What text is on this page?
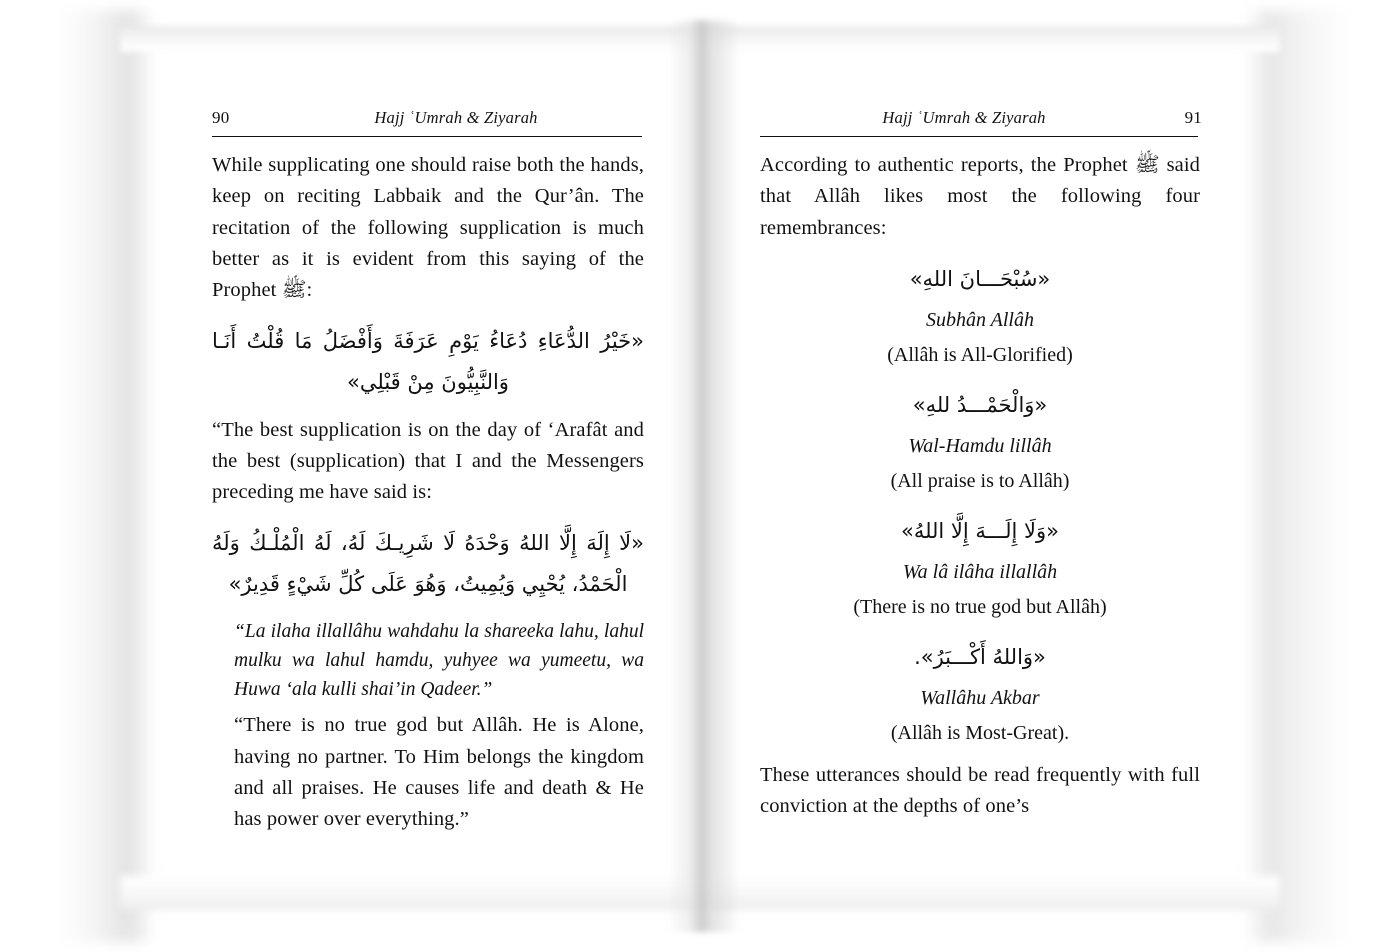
90	Hajj ʿUmrah & Ziyarah

While supplicating one should raise both the hands, keep on reciting Labbaik and the Qur’ân. The recitation of the following supplication is much better as it is evident from this saying of the Prophet ﷺ:

«خَيْرُ الدُّعَاءِ دُعَاءُ يَوْمِ عَرَفَةَ وَأَفْضَلُ مَا قُلْتُ أَنَـا وَالنَّبِيُّونَ مِنْ قَبْلِي»

“The best supplication is on the day of ‘Arafât and the best (supplication) that I and the Messengers preceding me have said is:

«لَا إِلَهَ إِلَّا اللهُ وَحْدَهُ لَا شَرِيـكَ لَهُ، لَهُ الْمُلْـكُ وَلَهُ الْحَمْدُ، يُحْيِي وَيُمِيتُ، وَهُوَ عَلَى كُلِّ شَيْءٍ قَدِيرٌ»

“La ilaha illallâhu wahdahu la shareeka lahu, lahul mulku wa lahul hamdu, yuhyee wa yumeetu, wa Huwa ‘ala kulli shai’in Qadeer.”

“There is no true god but Allâh. He is Alone, having no partner. To Him belongs the kingdom and all praises. He causes life and death & He has power over everything.”

Hajj ʿUmrah & Ziyarah	91

According to authentic reports, the Prophet ﷺ said that Allâh likes most the following four remembrances:

«سُبْحَـــانَ اللهِ»

Subhân Allâh

(Allâh is All-Glorified)

«وَالْحَمْـــدُ للهِ»

Wal-Hamdu lillâh

(All praise is to Allâh)

«وَلَا إِلَـــهَ إِلَّا اللهُ»

Wa lâ ilâha illallâh

(There is no true god but Allâh)

«وَاللهُ أَكْـــبَرُ».

Wallâhu Akbar

(Allâh is Most-Great).

These utterances should be read frequently with full conviction at the depths of one’s
